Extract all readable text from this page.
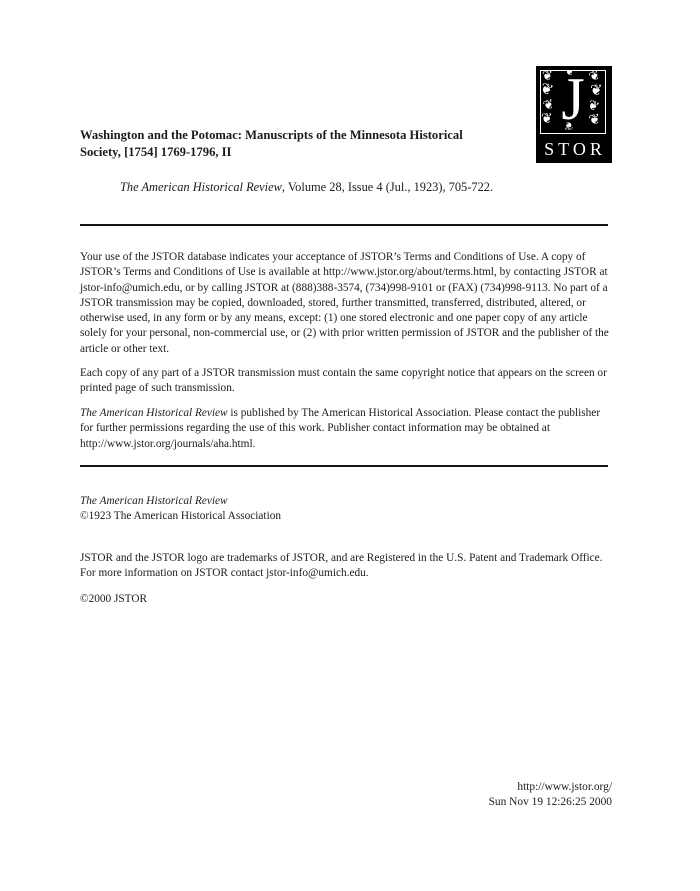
❦
❦
❦
❦
❦
❦
❦
❦
❦
❦
J
STOR
Washington and the Potomac: Manuscripts of the Minnesota Historical
Society, [1754] 1769-1796, II
The American Historical Review, Volume 28, Issue 4 (Jul., 1923), 705-722.
Your use of the JSTOR database indicates your acceptance of JSTOR’s Terms and Conditions of Use. A copy of JSTOR’s Terms and Conditions of Use is available at http://www.jstor.org/about/terms.html, by contacting JSTOR at jstor-info@umich.edu, or by calling JSTOR at (888)388-3574, (734)998-9101 or (FAX) (734)998-9113. No part of a JSTOR transmission may be copied, downloaded, stored, further transmitted, transferred, distributed, altered, or otherwise used, in any form or by any means, except: (1) one stored electronic and one paper copy of any article solely for your personal, non-commercial use, or (2) with prior written permission of JSTOR and the publisher of the article or other text.
Each copy of any part of a JSTOR transmission must contain the same copyright notice that appears on the screen or printed page of such transmission.
The American Historical Review is published by The American Historical Association. Please contact the publisher for further permissions regarding the use of this work. Publisher contact information may be obtained at http://www.jstor.org/journals/aha.html.
The American Historical Review
©1923 The American Historical Association
JSTOR and the JSTOR logo are trademarks of JSTOR, and are Registered in the U.S. Patent and Trademark Office. For more information on JSTOR contact jstor-info@umich.edu.
©2000 JSTOR
http://www.jstor.org/
Sun Nov 19 12:26:25 2000
